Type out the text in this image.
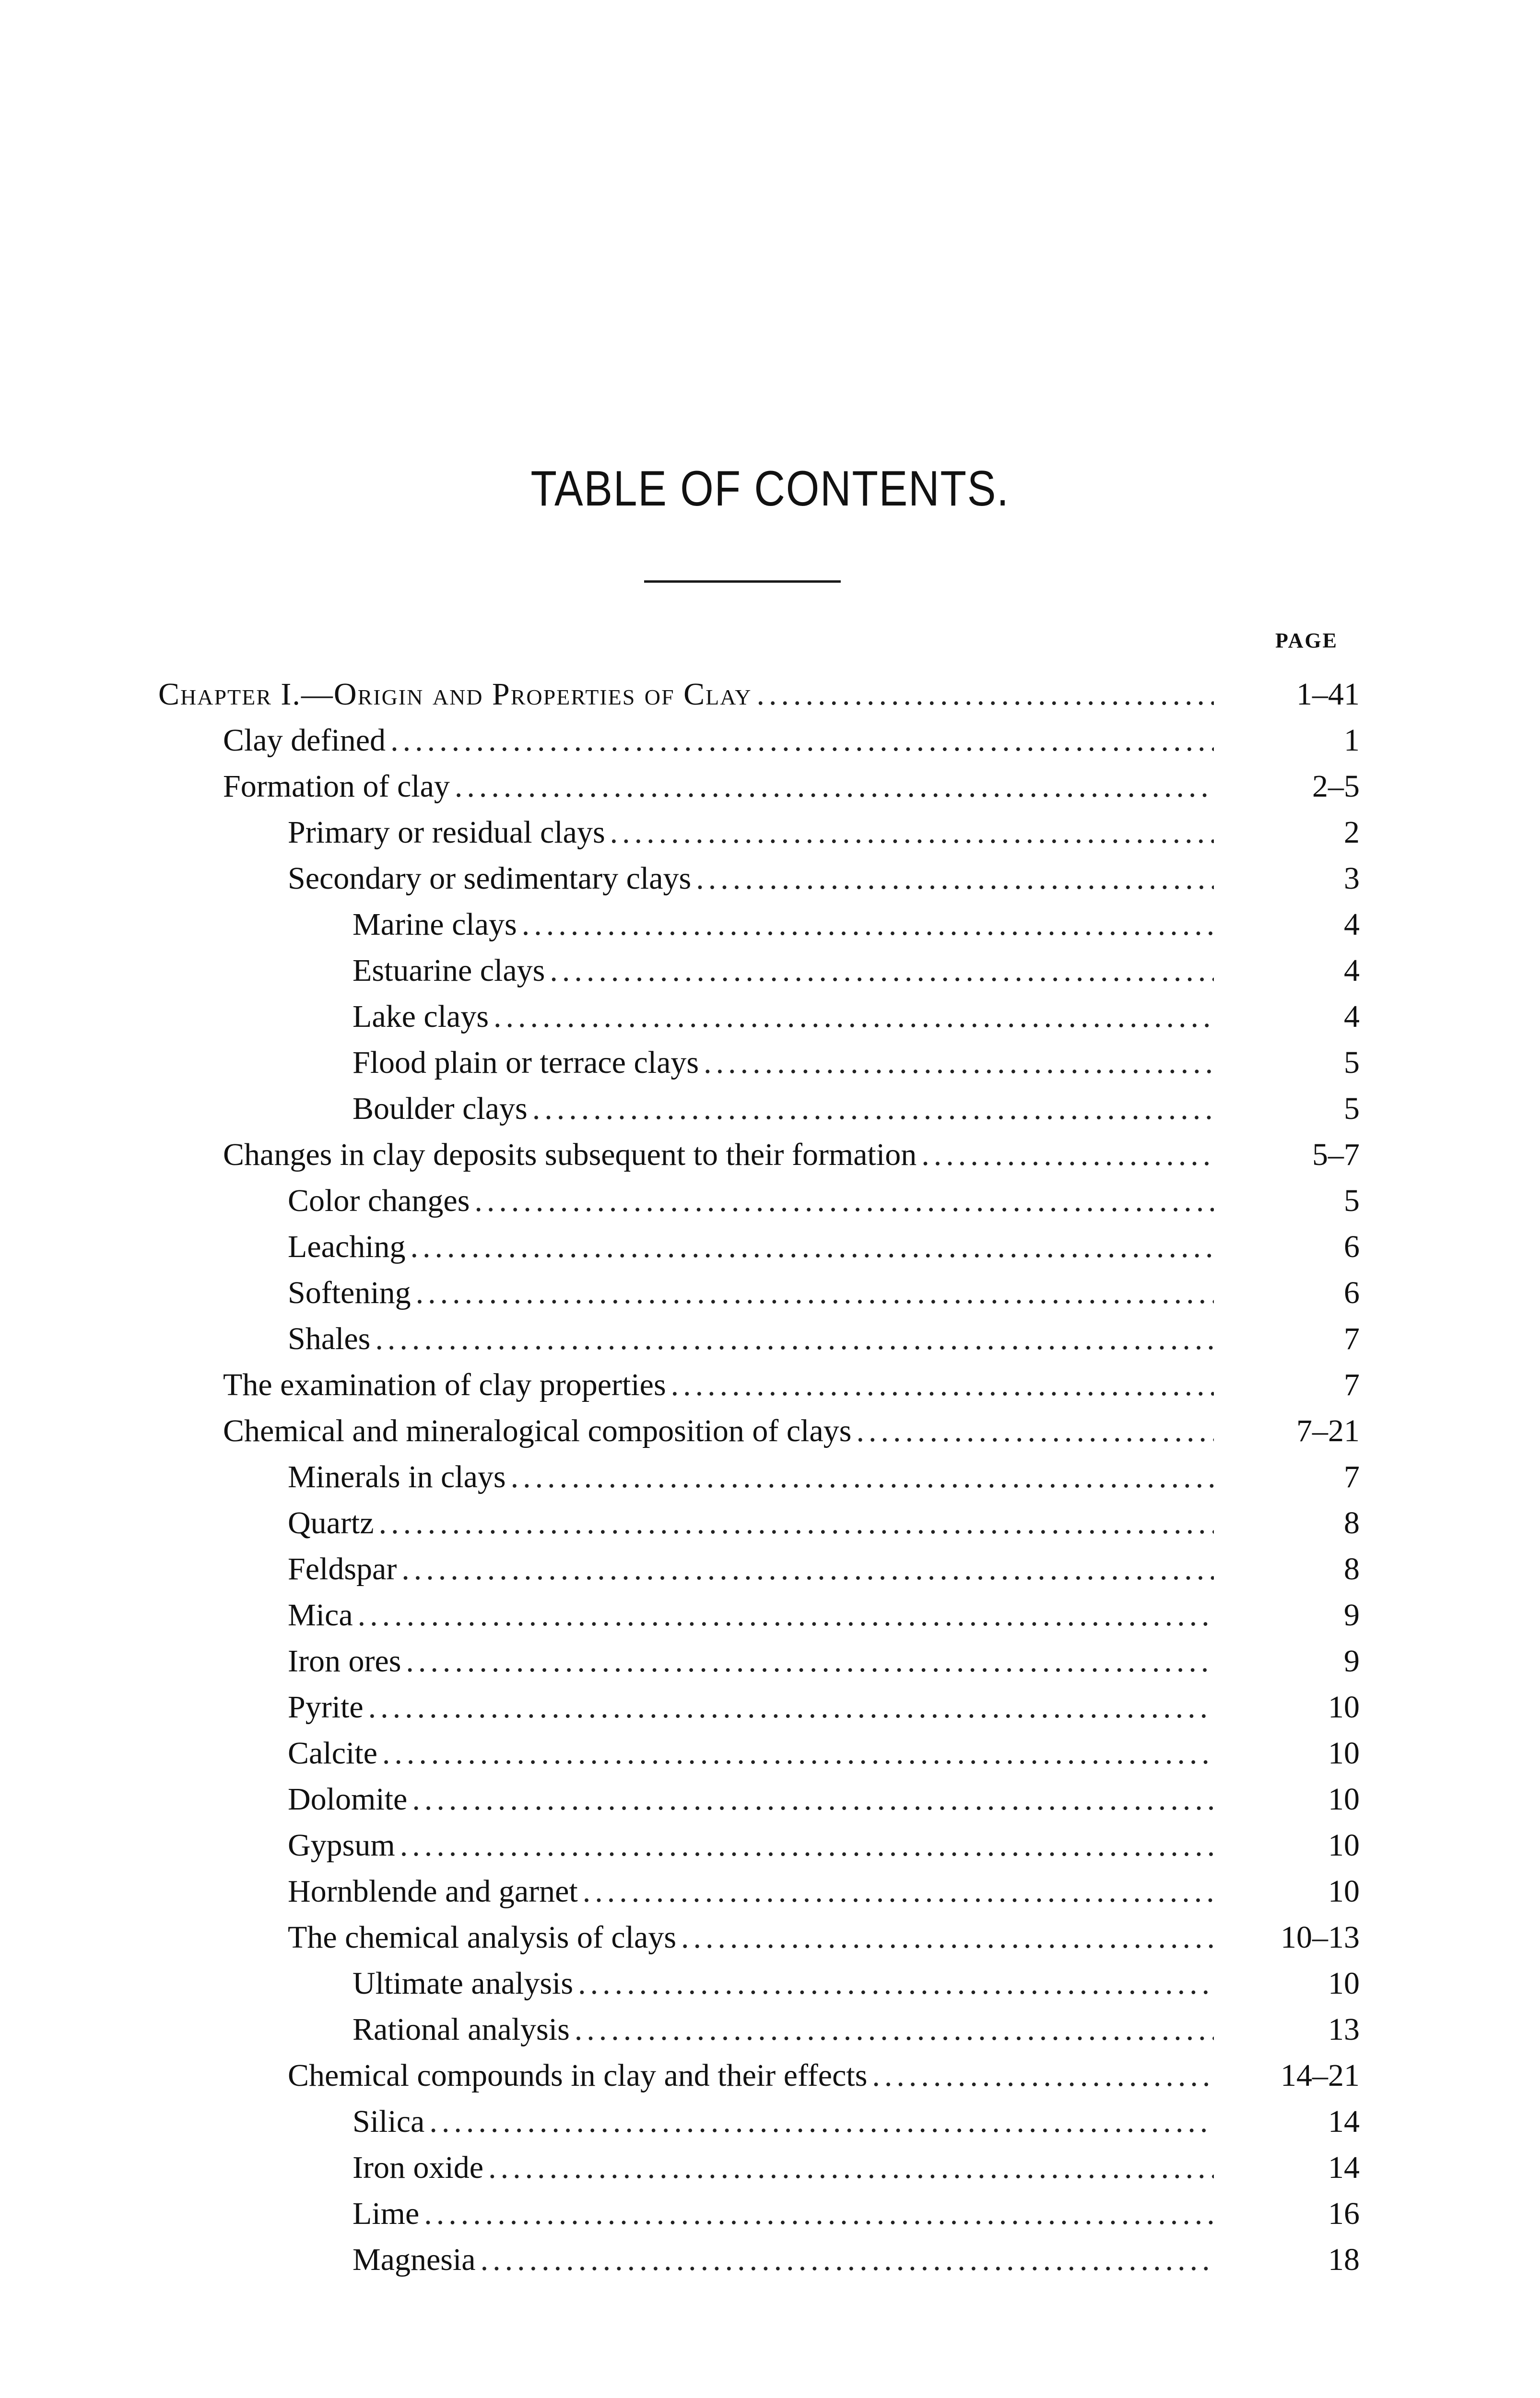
TABLE OF CONTENTS.
PAGE
Chapter I.—Origin and Properties of Clay .....	1–41
Clay defined .....	1
Formation of clay .....	2–5
Primary or residual clays .....	2
Secondary or sedimentary clays .....	3
Marine clays .....	4
Estuarine clays .....	4
Lake clays .....	4
Flood plain or terrace clays .....	5
Boulder clays .....	5
Changes in clay deposits subsequent to their formation .....	5–7
Color changes .....	5
Leaching .....	6
Softening .....	6
Shales .....	7
The examination of clay properties .....	7
Chemical and mineralogical composition of clays .....	7–21
Minerals in clays .....	7
Quartz .....	8
Feldspar .....	8
Mica .....	9
Iron ores .....	9
Pyrite .....	10
Calcite .....	10
Dolomite .....	10
Gypsum .....	10
Hornblende and garnet .....	10
The chemical analysis of clays .....	10–13
Ultimate analysis .....	10
Rational analysis .....	13
Chemical compounds in clay and their effects .....	14–21
Silica .....	14
Iron oxide .....	14
Lime .....	16
Magnesia .....	18
